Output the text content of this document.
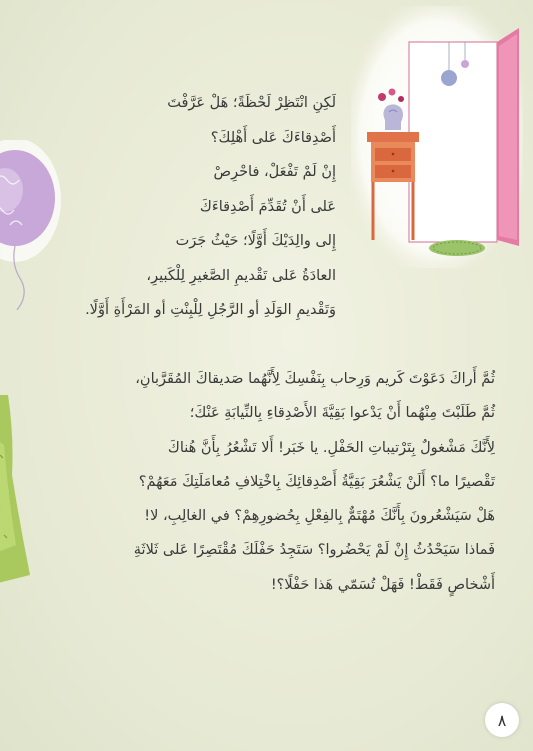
لَكِنِ انْتَظِرْ لَحْظَةً؛ هَلْ عَرَّفْتَ
أَصْدِقاءَكَ عَلى أَهْلِكَ؟
إِنْ لَمْ تَفْعَلْ، فاحْرِصْ
عَلى أَنْ تُقَدِّمَ أَصْدِقاءَكَ
إِلى والِدَيْكَ أَوَّلًا؛ حَيْثُ جَرَت
العادَةُ عَلى تَقْديمِ الصَّغيرِ لِلْكَبيرِ،
وَتَقْديمِ الوَلَدِ أو الرَّجُلِ لِلْبِنْتِ أو المَرْأَةِ أَوَّلًا.
ثُمَّ أَراكَ دَعَوْتَ كَريم وَرِحاب بِنَفْسِكَ لِأَنَّهُما صَديقاكَ المُقَرَّبانِ،
ثُمَّ طَلَبْتَ مِنْهُما أَنْ يَدْعوا بَقِيَّةَ الأَصْدِقاءِ بِالنِّيابَةِ عَنْكَ؛
لِأَنَّكَ مَشْغولٌ بِتَرْتيباتِ الحَفْلِ. يا خَبَر! أَلا تَشْعُرُ بِأَنَّ هُناكَ
تَقْصيرًا ما؟ أَلَنْ يَشْعُرَ بَقِيَّةُ أَصْدِقائِكَ بِاخْتِلافِ مُعامَلَتِكَ مَعَهُمْ؟
هَلْ سَيَشْعُرونَ بِأَنَّكَ مُهْتَمٌّ بِالفِعْلِ بِحُضورِهِمْ؟ في الغالِبِ، لا!
فَماذا سَيَحْدُثُ إِنْ لَمْ يَحْضُروا؟ سَتَجِدُ حَفْلَكَ مُقْتَصِرًا عَلى ثَلاثَةِ
أَشْخاصٍ فَقَطْ! فَهَلْ تُسَمّي هَذا حَفْلًا؟!
٨
